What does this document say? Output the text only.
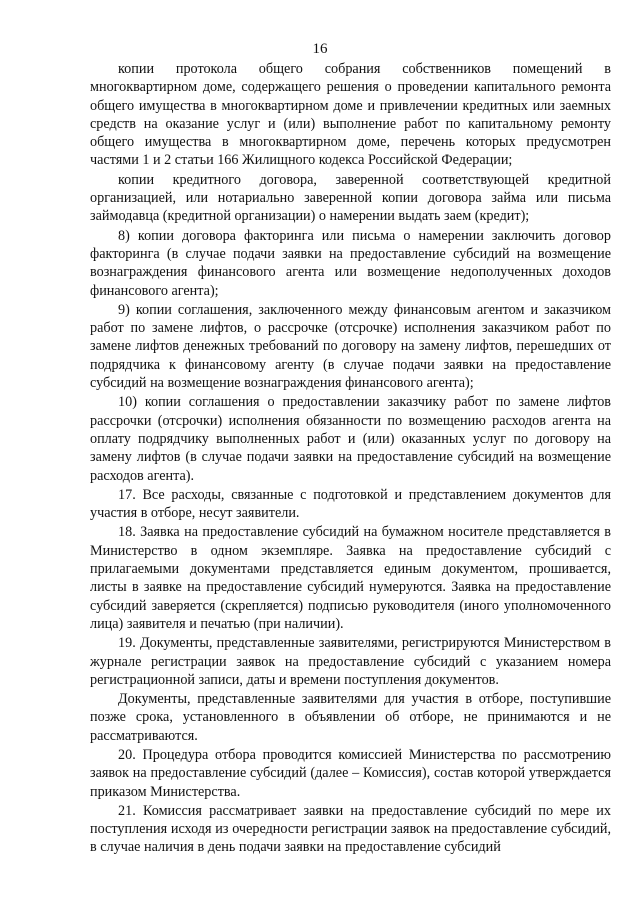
16

копии протокола общего собрания собственников помещений в многоквартирном доме, содержащего решения о проведении капитального ремонта общего имущества в многоквартирном доме и привлечении кредитных или заемных средств на оказание услуг и (или) выполнение работ по капитальному ремонту общего имущества в многоквартирном доме, перечень которых предусмотрен частями 1 и 2 статьи 166 Жилищного кодекса Российской Федерации;

копии кредитного договора, заверенной соответствующей кредитной организацией, или нотариально заверенной копии договора займа или письма займодавца (кредитной организации) о намерении выдать заем (кредит);

8) копии договора факторинга или письма о намерении заключить договор факторинга (в случае подачи заявки на предоставление субсидий на возмещение вознаграждения финансового агента или возмещение недополученных доходов финансового агента);

9) копии соглашения, заключенного между финансовым агентом и заказчиком работ по замене лифтов, о рассрочке (отсрочке) исполнения заказчиком работ по замене лифтов денежных требований по договору на замену лифтов, перешедших от подрядчика к финансовому агенту (в случае подачи заявки на предоставление субсидий на возмещение вознаграждения финансового агента);

10) копии соглашения о предоставлении заказчику работ по замене лифтов рассрочки (отсрочки) исполнения обязанности по возмещению расходов агента на оплату подрядчику выполненных работ и (или) оказанных услуг по договору на замену лифтов (в случае подачи заявки на предоставление субсидий на возмещение расходов агента).

17. Все расходы, связанные с подготовкой и представлением документов для участия в отборе, несут заявители.

18. Заявка на предоставление субсидий на бумажном носителе представляется в Министерство в одном экземпляре. Заявка на предоставление субсидий с прилагаемыми документами представляется единым документом, прошивается, листы в заявке на предоставление субсидий нумеруются. Заявка на предоставление субсидий заверяется (скрепляется) подписью руководителя (иного уполномоченного лица) заявителя и печатью (при наличии).

19. Документы, представленные заявителями, регистрируются Министерством в журнале регистрации заявок на предоставление субсидий с указанием номера регистрационной записи, даты и времени поступления документов.

Документы, представленные заявителями для участия в отборе, поступившие позже срока, установленного в объявлении об отборе, не принимаются и не рассматриваются.

20. Процедура отбора проводится комиссией Министерства по рассмотрению заявок на предоставление субсидий (далее – Комиссия), состав которой утверждается приказом Министерства.

21. Комиссия рассматривает заявки на предоставление субсидий по мере их поступления исходя из очередности регистрации заявок на предоставление субсидий, в случае наличия в день подачи заявки на предоставление субсидий
